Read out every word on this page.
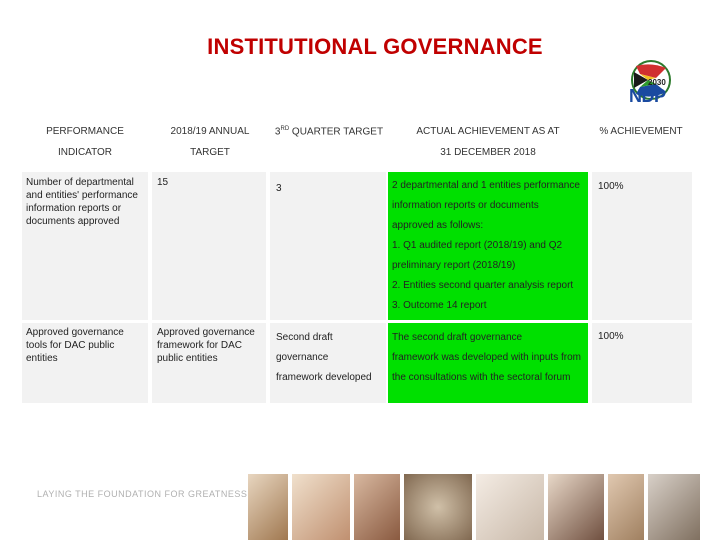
INSTITUTIONAL GOVERNANCE
2030
NDP
PERFORMANCE
INDICATOR
2018/19 ANNUAL
TARGET
3RD QUARTER TARGET	ACTUAL ACHIEVEMENT AS AT
31 DECEMBER 2018
% ACHIEVEMENT
Number of departmental and entities' performance information reports or documents approved
15
3	2 departmental and 1 entities performance
information reports or documents
approved as follows:
1. Q1 audited report (2018/19) and Q2
preliminary report (2018/19)
2. Entities second quarter analysis report
3. Outcome 14 report
100%
Approved governance tools for DAC public entities
Approved governance framework for DAC public entities
Second draft
governance
framework developed
The second draft governance
framework was developed with inputs from
the consultations with the sectoral forum
100%
LAYING THE FOUNDATION FOR GREATNESS
